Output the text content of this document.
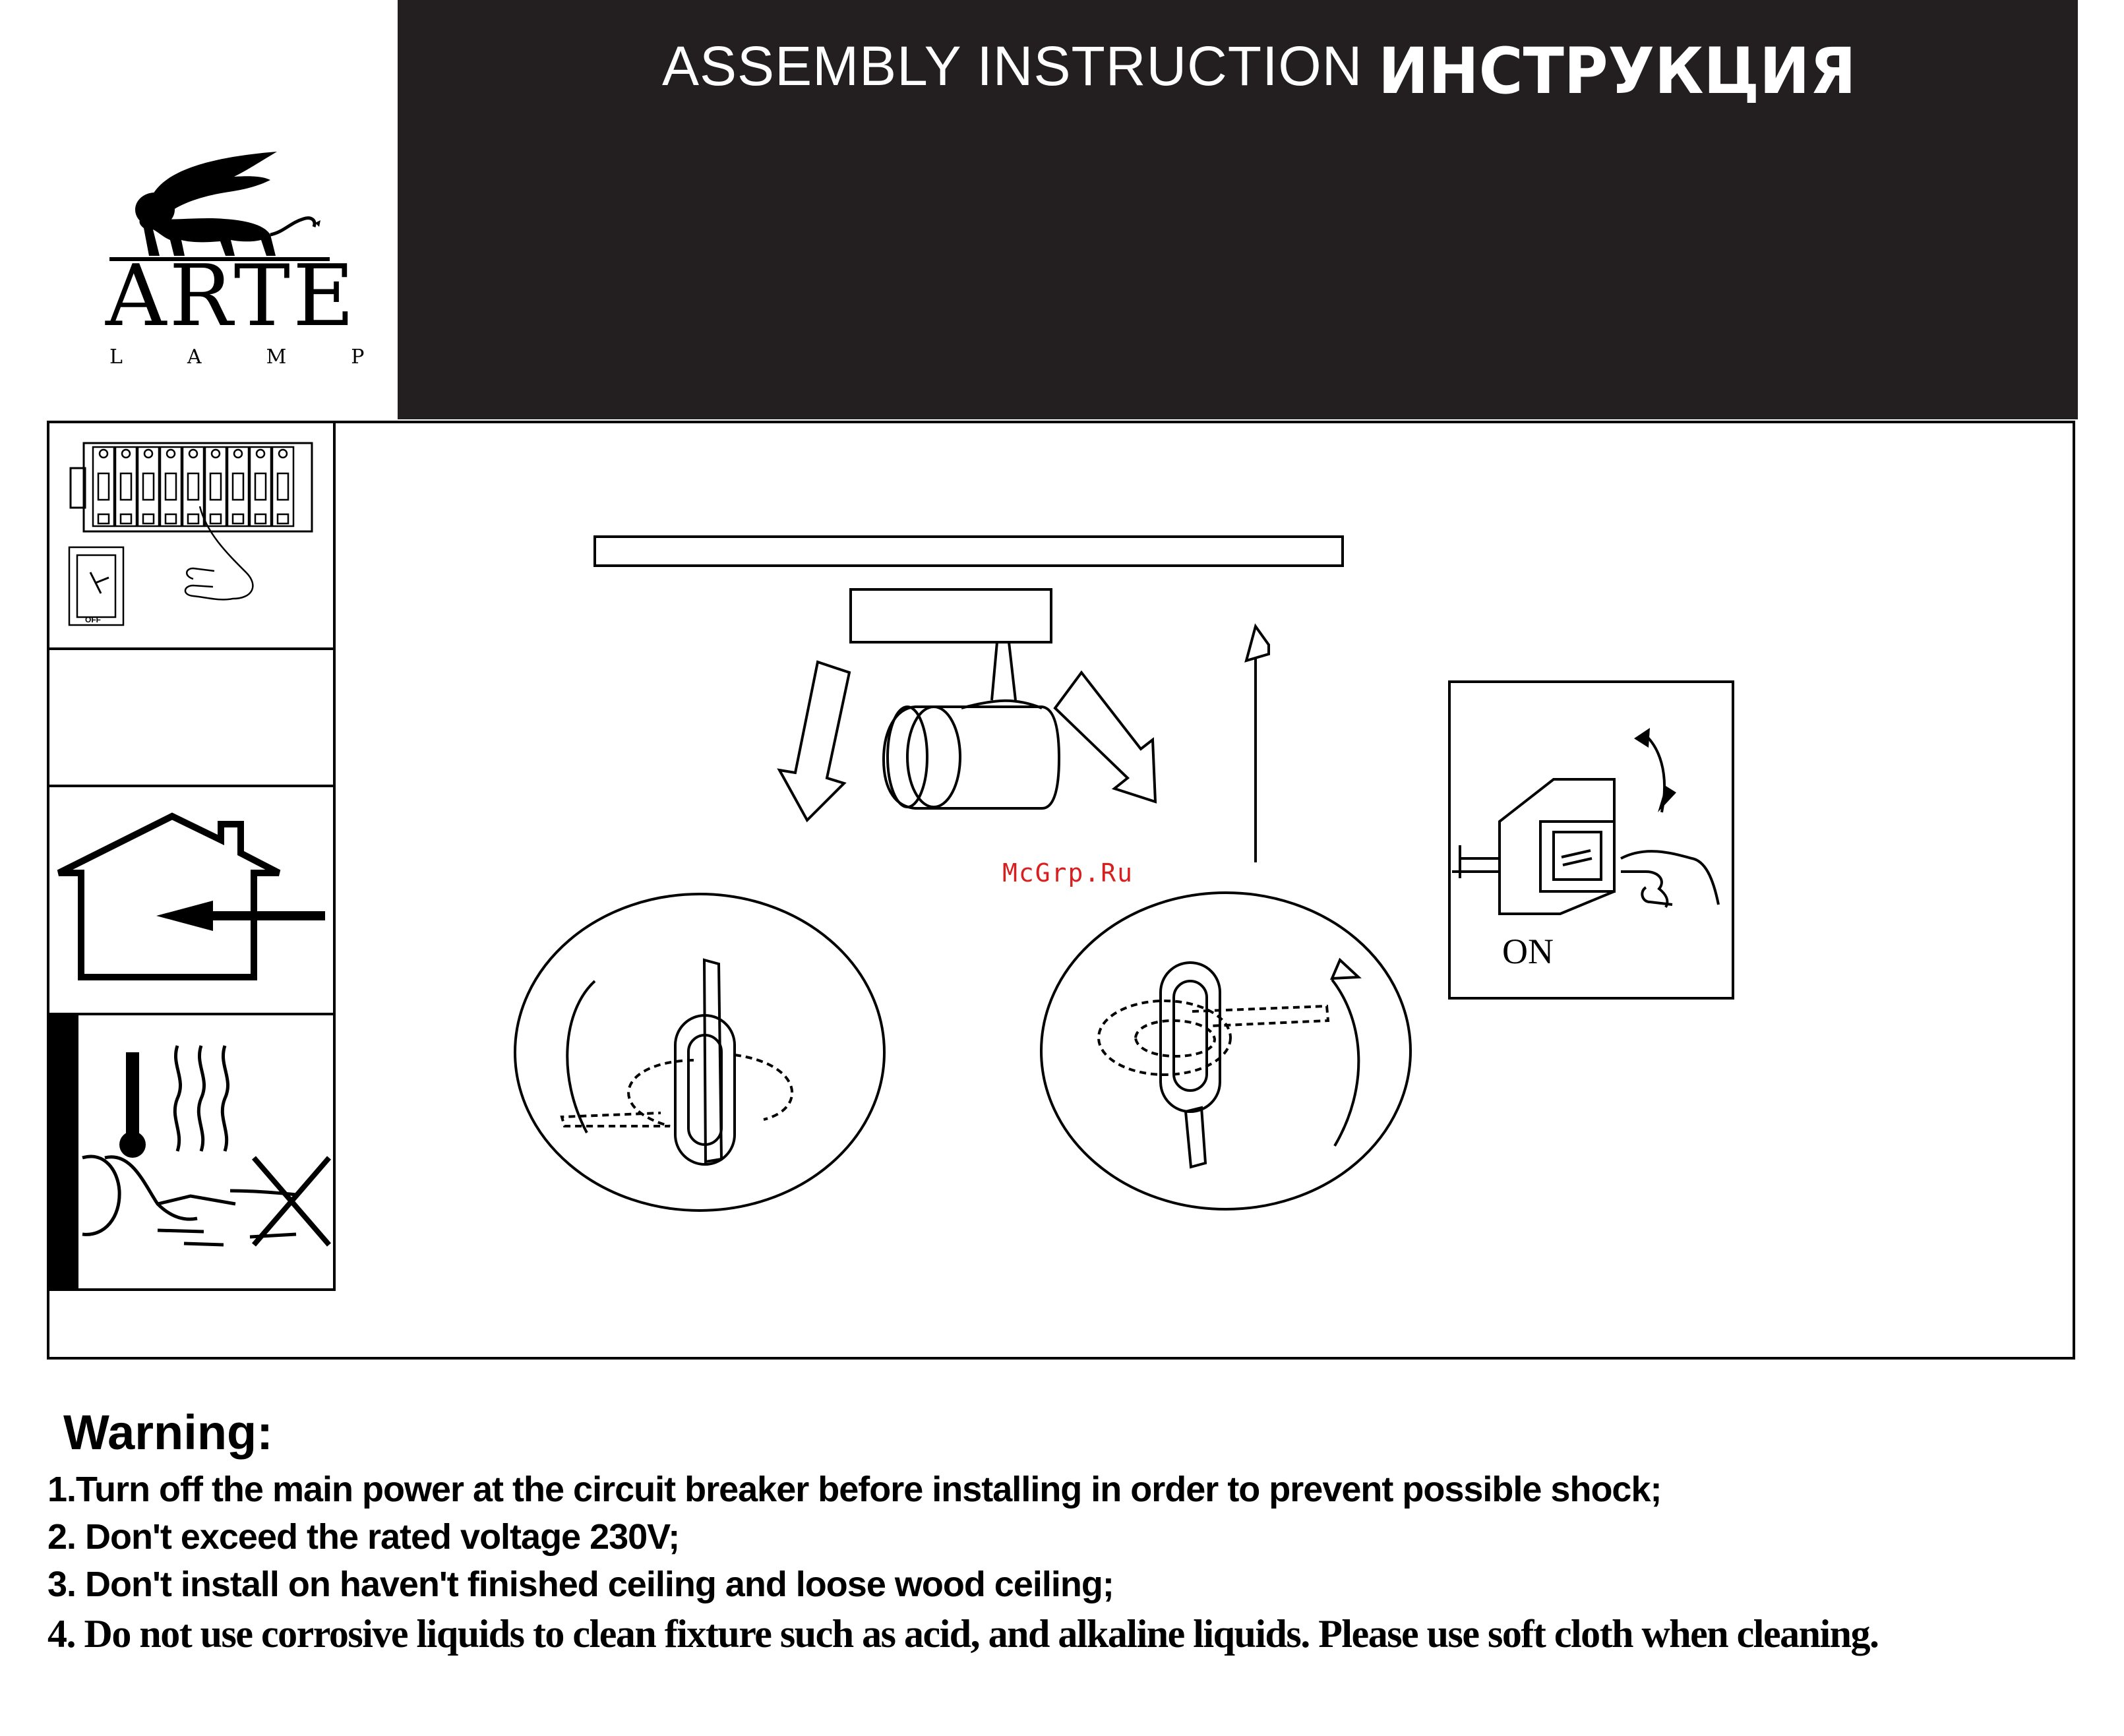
ASSEMBLY INSTRUCTION ИНСТРУКЦИЯ
ARTE
LAMP
OFF
McGrp.Ru
ON
Warning:
1.Turn off the main power at the circuit breaker before installing in order to prevent possible shock;
2. Don't exceed the rated voltage 230V;
3. Don't install on haven't finished ceiling and loose wood ceiling;
4. Do not use corrosive liquids to clean fixture such as acid, and alkaline liquids. Please use soft cloth when cleaning.
